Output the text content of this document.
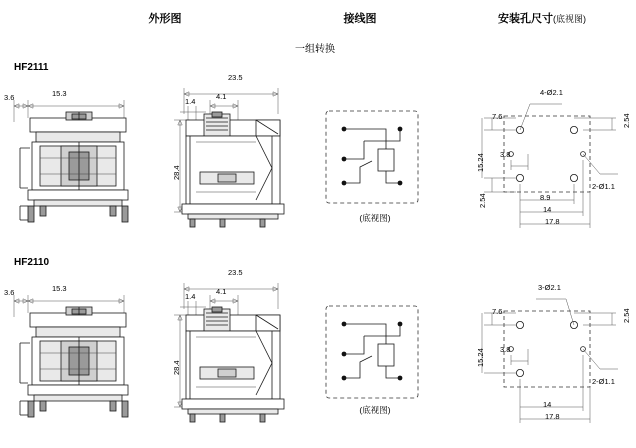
外形图	接线图	安装孔尺寸(底视图)
一组转换
HF2111
3.6	15.3
23.5
1.4
4.1
28.4
(底视图)
4-Ø2.1
2-Ø1.1
7.6	2.54
15.24 3.8
2.54	8.9
14
17.8
HF2110
3.6	15.3
23.5
1.4
4.1
28.4
(底视图)
3-Ø2.1
2-Ø1.1
7.6	2.54
15.24 3.8
14
17.8
